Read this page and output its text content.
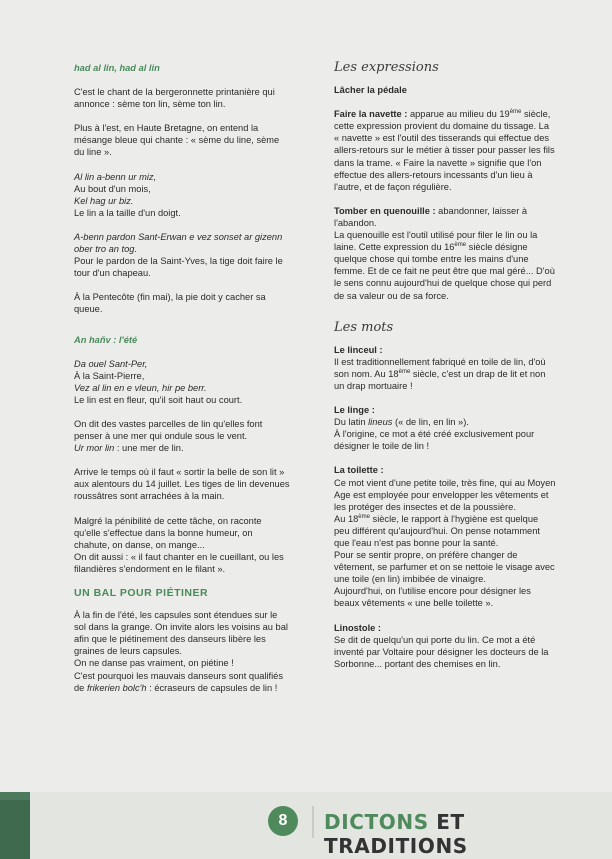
had al lin, had al lin

C'est le chant de la bergeronnette printanière qui annonce : sème ton lin, sème ton lin.

Plus à l'est, en Haute Bretagne, on entend la mésange bleue qui chante : « sème du line, sème du line ».

Al lin a-benn ur miz,
Au bout d'un mois,
Kel hag ur biz.
Le lin a la taille d'un doigt.
A-benn pardon Sant-Erwan e vez sonset ar gizenn ober tro an tog.
Pour le pardon de la Saint-Yves, la tige doit faire le tour d'un chapeau.

À la Pentecôte (fin mai), la pie doit y cacher sa queue.

An hañv : l'été

Da ouel Sant-Per,
À la Saint-Pierre,
Vez al lin en e vleun, hir pe berr.
Le lin est en fleur, qu'il soit haut ou court.
On dit des vastes parcelles de lin qu'elles font penser à une mer qui ondule sous le vent.
Ur mor lin : une mer de lin.

Arrive le temps où il faut « sortir la belle de son lit » aux alentours du 14 juillet. Les tiges de lin devenues roussâtres sont arrachées à la main.

Malgré la pénibilité de cette tâche, on raconte qu'elle s'effectue dans la bonne humeur, on chahute, on danse, on mange...
On dit aussi : « il faut chanter en le cueillant, ou les filandières s'endorment en le filant ».

UN BAL POUR PIÉTINER

À la fin de l'été, les capsules sont étendues sur le sol dans la grange. On invite alors les voisins au bal afin que le piétinement des danseurs libère les graines de leurs capsules.
On ne danse pas vraiment, on piétine !
C'est pourquoi les mauvais danseurs sont qualifiés de frikerien bolc'h : écraseurs de capsules de lin !

Les expressions

Lâcher la pédale

Faire la navette : apparue au milieu du 19ème siècle, cette expression provient du domaine du tissage. La « navette » est l'outil des tisserands qui effectue des allers-retours sur le métier à tisser pour passer les fils dans la trame. « Faire la navette » signifie que l'on effectue des allers-retours incessants d'un lieu à l'autre, et de façon régulière.

Tomber en quenouille : abandonner, laisser à l'abandon.
La quenouille est l'outil utilisé pour filer le lin ou la laine. Cette expression du 16ème siècle désigne quelque chose qui tombe entre les mains d'une femme. Et de ce fait ne peut être que mal géré... D'où le sens connu aujourd'hui de quelque chose qui perd de sa valeur ou de sa force.

Les mots

Le linceul :
Il est traditionnellement fabriqué en toile de lin, d'où son nom. Au 18ème siècle, c'est un drap de lit et non un drap mortuaire !
Le linge :
Du latin lineus (« de lin, en lin »).
À l'origine, ce mot a été créé exclusivement pour désigner le toile de lin !
La toilette :
Ce mot vient d'une petite toile, très fine, qui au Moyen Age est employée pour envelopper les vêtements et les protéger des insectes et de la poussière.
Au 18ème siècle, le rapport à l'hygiène est quelque peu différent qu'aujourd'hui. On pense notamment que l'eau n'est pas bonne pour la santé.
Pour se sentir propre, on préfère changer de vêtement, se parfumer et on se nettoie le visage avec une toile (en lin) imbibée de vinaigre.
Aujourd'hui, on l'utilise encore pour désigner les beaux vêtements « une belle toilette ».
Linostole :
Se dit de quelqu'un qui porte du lin. Ce mot a été inventé par Voltaire pour désigner les docteurs de la Sorbonne... portant des chemises en lin.
8	DICTONS ET TRADITIONS
